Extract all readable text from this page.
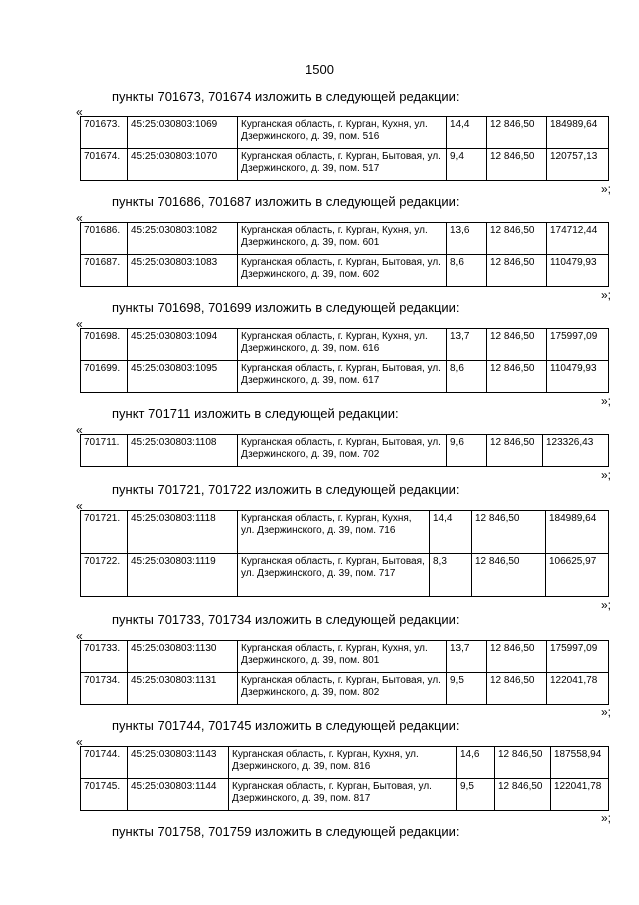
1500
пункты 701673, 701674 изложить в следующей редакции:
«
701673.	45:25:030803:1069	Курганская область, г. Курган, Кухня, ул. Дзержинского, д. 39, пом. 516	14,4	12 846,50	184989,64
701674.	45:25:030803:1070	Курганская область, г. Курган, Бытовая, ул. Дзержинского, д. 39, пом. 517	9,4	12 846,50	120757,13
»;
пункты 701686, 701687 изложить в следующей редакции:
«
701686.	45:25:030803:1082	Курганская область, г. Курган, Кухня, ул. Дзержинского, д. 39, пом. 601	13,6	12 846,50	174712,44
701687.	45:25:030803:1083	Курганская область, г. Курган, Бытовая, ул. Дзержинского, д. 39, пом. 602	8,6	12 846,50	110479,93
»;
пункты 701698, 701699 изложить в следующей редакции:
«
701698.	45:25:030803:1094	Курганская область, г. Курган, Кухня, ул. Дзержинского, д. 39, пом. 616	13,7	12 846,50	175997,09
701699.	45:25:030803:1095	Курганская область, г. Курган, Бытовая, ул. Дзержинского, д. 39, пом. 617	8,6	12 846,50	110479,93
»;
пункт 701711 изложить в следующей редакции:
«
701711.	45:25:030803:1108	Курганская область, г. Курган, Бытовая, ул. Дзержинского, д. 39, пом. 702	9,6	12 846,50	123326,43
»;
пункты 701721, 701722 изложить в следующей редакции:
«
701721.	45:25:030803:1118	Курганская область, г. Курган, Кухня, ул. Дзержинского, д. 39, пом. 716	14,4	12 846,50	184989,64
701722.	45:25:030803:1119	Курганская область, г. Курган, Бытовая, ул. Дзержинского, д. 39, пом. 717	8,3	12 846,50	106625,97
»;
пункты 701733, 701734 изложить в следующей редакции:
«
701733.	45:25:030803:1130	Курганская область, г. Курган, Кухня, ул. Дзержинского, д. 39, пом. 801	13,7	12 846,50	175997,09
701734.	45:25:030803:1131	Курганская область, г. Курган, Бытовая, ул. Дзержинского, д. 39, пом. 802	9,5	12 846,50	122041,78
»;
пункты 701744, 701745 изложить в следующей редакции:
«
701744.	45:25:030803:1143	Курганская область, г. Курган, Кухня, ул. Дзержинского, д. 39, пом. 816	14,6	12 846,50	187558,94
701745.	45:25:030803:1144	Курганская область, г. Курган, Бытовая, ул. Дзержинского, д. 39, пом. 817	9,5	12 846,50	122041,78
»;
пункты 701758, 701759 изложить в следующей редакции:
